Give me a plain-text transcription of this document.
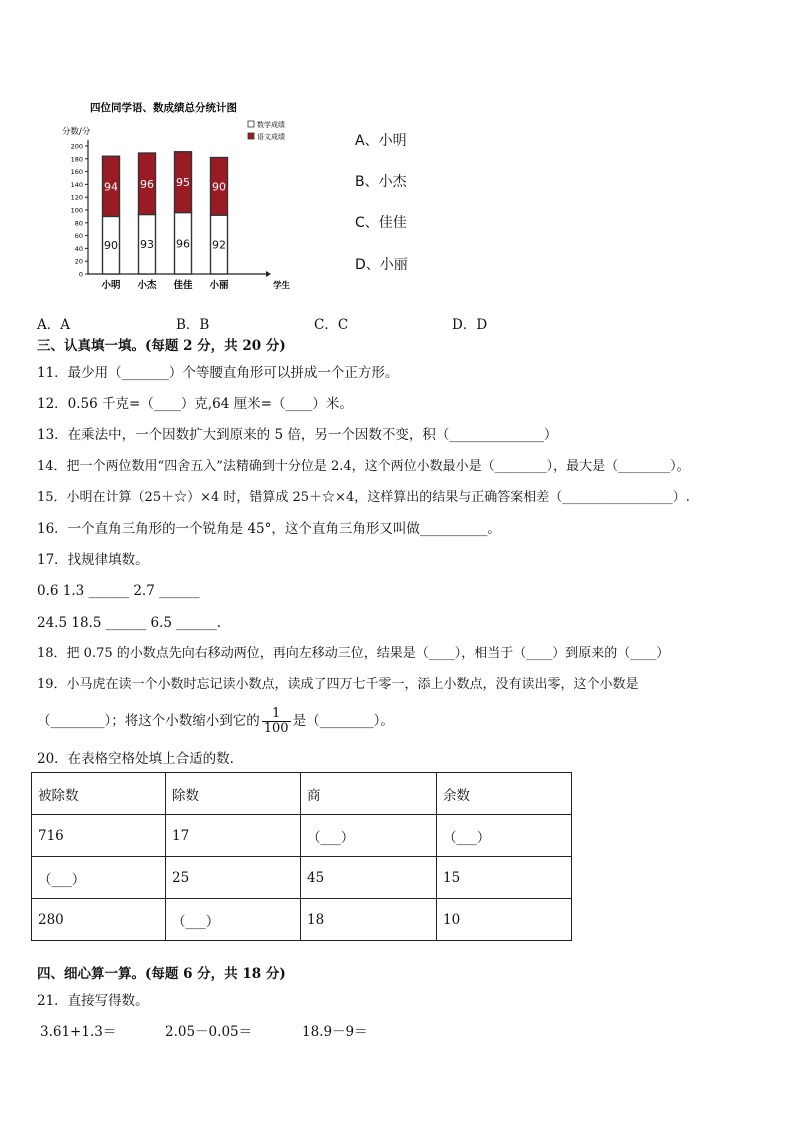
四位同学语、数成绩总分统计图
分数/分
学生
0
20
40
60
80
100
120
140
160
180
200
90
94
93
96
96
95
92
90
小明 小杰 佳佳 小丽
数学成绩
语文成绩	A、小明
B、小杰
C、佳佳
D、小丽
A．A	B．B	C．C	D．D
三、认真填一填。(每题 2 分，共 20 分)
11．最少用（_______）个等腰直角形可以拼成一个正方形。
12．0.56 千克=（____）克,64 厘米=（____）米。
13．在乘法中，一个因数扩大到原来的 5 倍，另一个因数不变，积（______________）
14．把一个两位数用“四舍五入”法精确到十分位是 2.4，这个两位小数最小是（________），最大是（________）。
15．小明在计算（25＋☆）×4 时，错算成 25＋☆×4，这样算出的结果与正确答案相差（_________________）.
16．一个直角三角形的一个锐角是 45°，这个直角三角形又叫做__________。
17．找规律填数。
0.6 1.3 ______ 2.7 ______
24.5 18.5 ______ 6.5 ______.
18．把 0.75 的小数点先向右移动两位，再向左移动三位，结果是（____），相当于（____）到原来的（____）
19．小马虎在读一个小数时忘记读小数点，读成了四万七千零一，添上小数点，没有读出零，这个小数是
（________）；将这个小数缩小到它的 $\frac{1}{100}$ 是（________）。
20．在表格空格处填上合适的数.
被除数	除数	商	余数
716	17	（___）	（___）
（___）	25	45	15
280	（___）	18	10
四、细心算一算。(每题 6 分，共 18 分)
21．直接写得数。
3.61+1.3＝	2.05－0.05＝	18.9－9＝
